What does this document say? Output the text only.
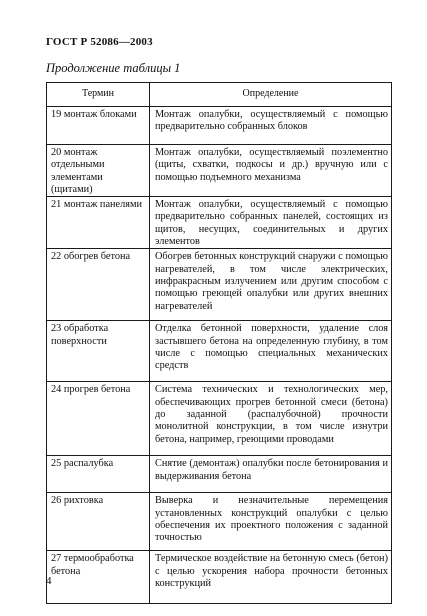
ГОСТ Р 52086—2003

Продолжение таблицы 1

Термин	Определение
19 монтаж блоками	Монтаж опалубки, осуществляемый с помощью предварительно собранных блоков
20 монтаж отдельными элементами (щитами)	Монтаж опалубки, осуществляемый поэлементно (щиты, схватки, подкосы и др.) вручную или с помощью подъемного механизма
21 монтаж панелями	Монтаж опалубки, осуществляемый с помощью предварительно собранных панелей, состоящих из щитов, несущих, соединительных и других элементов
22 обогрев бетона	Обогрев бетонных конструкций снаружи с помощью нагревателей, в том числе электрических, инфракрасным излучением или другим способом с помощью греющей опалубки или других внешних нагревателей
23 обработка поверхности	Отделка бетонной поверхности, удаление слоя застывшего бетона на определенную глубину, в том числе с помощью специальных механических средств
24 прогрев бетона	Система технических и технологических мер, обеспечивающих прогрев бетонной смеси (бетона) до заданной (распалубочной) прочности монолитной конструкции, в том числе изнутри бетона, например, греющими проводами
25 распалубка	Снятие (демонтаж) опалубки после бетонирования и выдерживания бетона
26 рихтовка	Выверка и незначительные перемещения установленных конструкций опалубки с целью обеспечения их проектного положения с заданной точностью
27 термообработка бетона	Термическое воздействие на бетонную смесь (бетон) с целью ускорения набора прочности бетонных конструкций

4
